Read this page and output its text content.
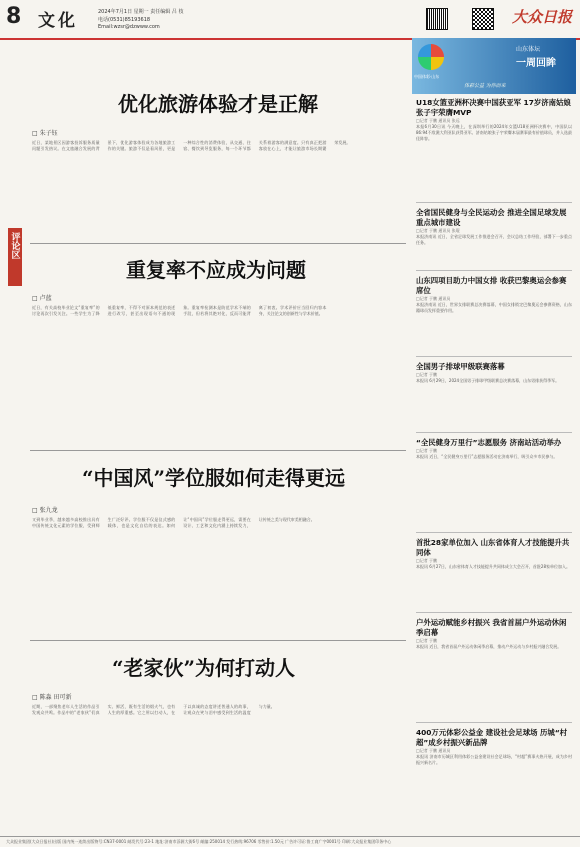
8 文化	2024年7月1日 星期一 责任编辑 吕 枝
电话(0531)85193618
Email:wzsr@dzwww.com
大众日报
评论区
优化旅游体验才是正解
□ 朱子钰
近日，某地景区因游客投诉服务质量问题引发热议。在文旅融合发展的背景下，优化游客体验成为各地旅游工作的关键。旅游不仅是看风景，更是一种综合性的消费体验，从交通、住宿、餐饮到导览服务，每一个环节都关系着游客的满意度。只有真正把游客放在心上，才能让旅游市场长期繁荣发展。
重复率不应成为问题
□ 卢蓝
近日，有关高校毕业论文“重复率”的讨论再次引发关注。一些学生为了降低重复率，不得不对原本规范的表述进行改写，甚至出现语句不通的现象。重复率检测本是防范学术不端的手段，但若将其绝对化，反而可能背离了初衷。学术评价应当回归内容本身，关注论文的创新性与学术价值。
“中国风”学位服如何走得更远
□ 张九龙
又到毕业季，越来越多高校推出具有中国传统文化元素的学位服，受到师生广泛好评。学位服不仅是仪式感的载体，也是文化自信的表达。如何让“中国风”学位服走得更远，需要在设计、工艺和文化内涵上持续发力，让传统之美与现代审美相融合。
“老家伙”为何打动人
□ 陈淼 田可新
近期，一部聚焦老年人生活的作品引发观众共鸣。作品中的“老家伙”们真实、鲜活，既有生活的烟火气，也有人生的厚重感。它之所以打动人，在于以真诚的态度讲述普通人的故事，让观众在笑与泪中感受到生活的温度与力量。
中国体彩·山东
山东体坛
一周回眸
体彩公益 为你而来
U18女篮亚洲杯决赛中国获亚军 17岁济南姑娘张子宇荣膺MVP
□记者 于鹏 通讯员 张远
本报6月30日讯 今天晚上，在深圳举行的2024年女篮U18亚洲杯决赛中，中国队以86:94不敌澳大利亚队获得亚军。济南姑娘张子宇荣膺本届赛事最有价值球员，并入选最佳阵容。
全省国民健身与全民运动会 推进全国足球发展重点城市建设
□记者 于鹏 通讯员 张琨
本报济南讯 近日，全省足球发展工作推进会召开，会议总结工作经验，部署下一步重点任务。
山东四项目助力中国女排 收获巴黎奥运会参赛席位
□记者 于鹏 通讯员
本报济南讯 近日，世界女排联赛总决赛落幕，中国女排锁定巴黎奥运会参赛资格，山东籍球员发挥重要作用。
全国男子排球甲级联赛落幕
□记者 于鹏
本报讯 6月29日，2024全国男子排球甲级联赛总决赛落幕，山东男排获得季军。
“全民健身万里行”志愿服务 济南站活动举办
□记者 于鹏
本报讯 近日，“全民健身万里行”志愿服务活动在济南举行，吸引众多市民参与。
首批28家单位加入 山东省体育人才技能提升共同体
□记者 于鹏
本报讯 6月27日，山东省体育人才技能提升共同体成立大会召开，首批28家单位加入。
户外运动赋能乡村振兴 我省首届户外运动休闲季启幕
□记者 于鹏
本报讯 近日，我省首届户外运动休闲季启幕，推动户外运动与乡村振兴融合发展。
400万元体彩公益金 建设社会足球场 历城“村超”成乡村振兴新品牌
□记者 于鹏 通讯员
本报讯 济南市历城区利用体彩公益金建设社会足球场，“村超”赛事火热开展，成为乡村振兴新名片。
大众报业集团(大众日报社)出版 国内统一连续出版物号:CN37-0001 邮发代号:23-1 地址:济南市泺源大街6号 邮编:250014 发行热线:96706 零售价:1.50元 广告许可证:鲁工商广字0001号 印刷:大众报业集团印务中心
